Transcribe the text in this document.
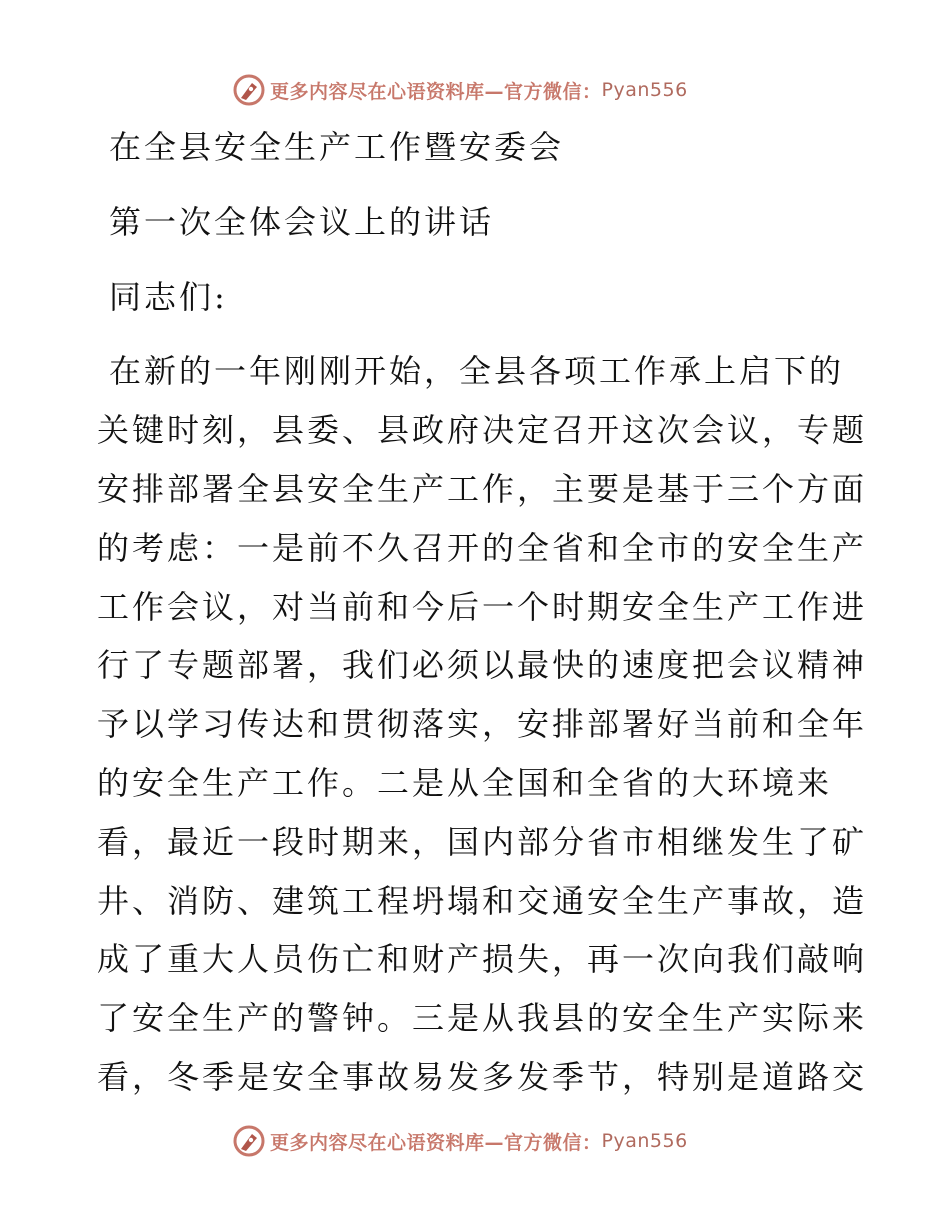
更多内容尽在心语资料库—官方微信： Pyan556
在全县安全生产工作暨安委会
第一次全体会议上的讲话
同志们:
在新的一年刚刚开始，全县各项工作承上启下的
关键时刻，县委、县政府决定召开这次会议，专题
安排部署全县安全生产工作，主要是基于三个方面
的考虑：一是前不久召开的全省和全市的安全生产
工作会议，对当前和今后一个时期安全生产工作进
行了专题部署，我们必须以最快的速度把会议精神
予以学习传达和贯彻落实，安排部署好当前和全年
的安全生产工作。二是从全国和全省的大环境来
看，最近一段时期来，国内部分省市相继发生了矿
井、消防、建筑工程坍塌和交通安全生产事故，造
成了重大人员伤亡和财产损失，再一次向我们敲响
了安全生产的警钟。三是从我县的安全生产实际来
看，冬季是安全事故易发多发季节，特别是道路交
更多内容尽在心语资料库—官方微信： Pyan556
